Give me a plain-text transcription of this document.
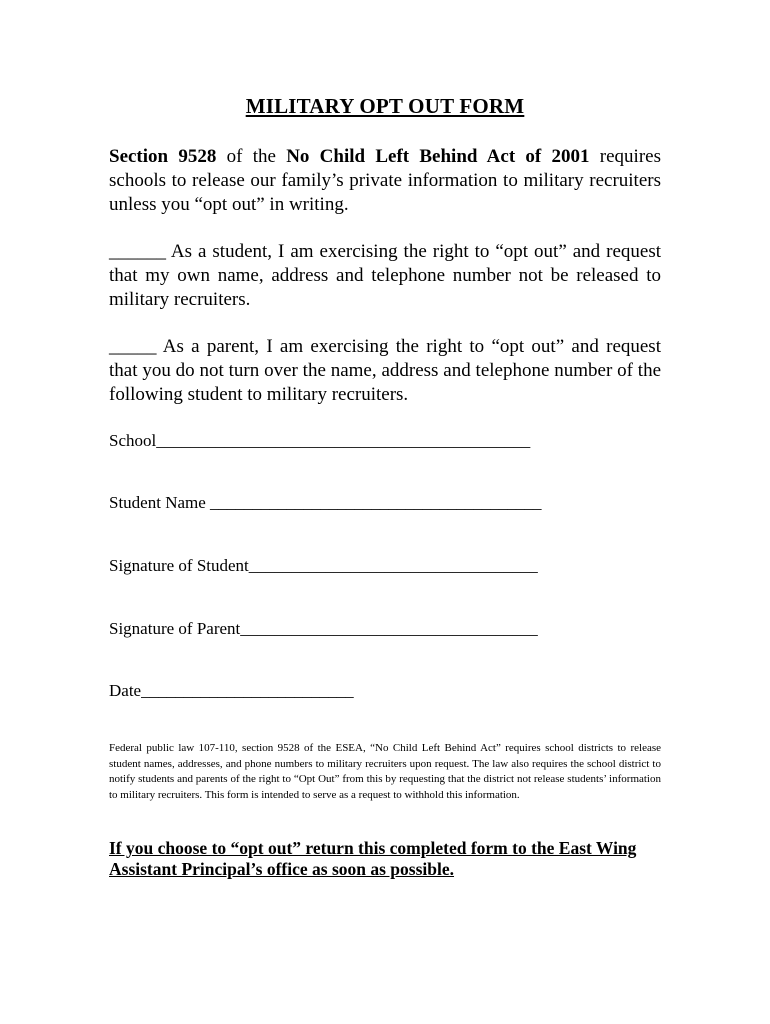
MILITARY OPT OUT FORM

Section 9528 of the No Child Left Behind Act of 2001 requires schools to release our family’s private information to military recruiters unless you “opt out” in writing.

______ As a student, I am exercising the right to “opt out” and request that my own name, address and telephone number not be released to military recruiters.

_____ As a parent, I am exercising the right to “opt out” and request that you do not turn over the name, address and telephone number of the following student to military recruiters.

School____________________________________________

Student Name _______________________________________

Signature of Student__________________________________

Signature of Parent___________________________________

Date_________________________

Federal public law 107-110, section 9528 of the ESEA, “No Child Left Behind Act” requires school districts to release student names, addresses, and phone numbers to military recruiters upon request. The law also requires the school district to notify students and parents of the right to “Opt Out” from this by requesting that the district not release students’ information to military recruiters. This form is intended to serve as a request to withhold this information.

If you choose to “opt out” return this completed form to the East Wing Assistant Principal’s office as soon as possible.
